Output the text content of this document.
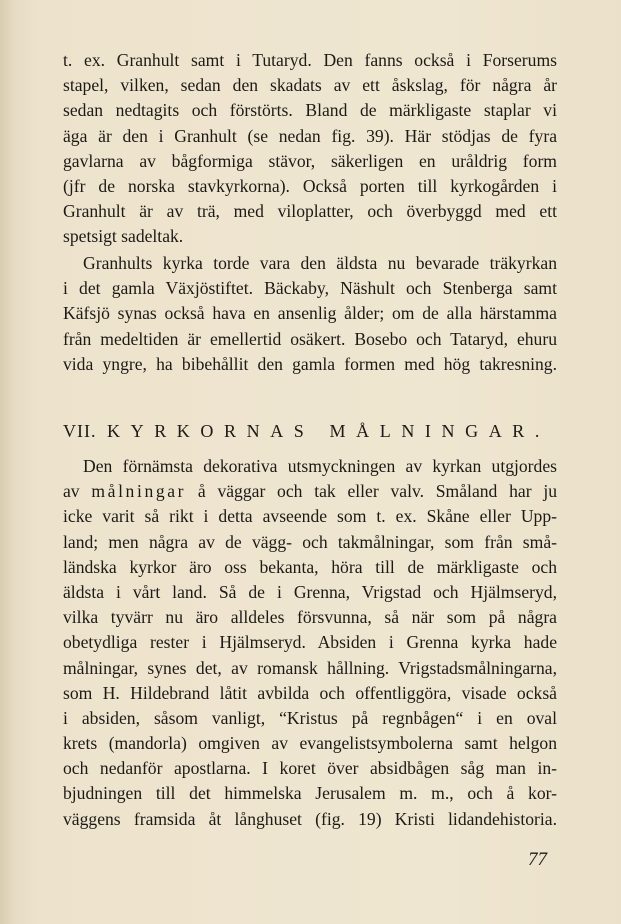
t. ex. Granhult samt i Tutaryd. Den fanns också i Forserums
stapel, vilken, sedan den skadats av ett åskslag, för några år
sedan nedtagits och förstörts. Bland de märkligaste staplar vi
äga är den i Granhult (se nedan fig. 39). Här stödjas de fyra
gavlarna av bågformiga stävor, säkerligen en uråldrig form
(jfr de norska stavkyrkorna). Också porten till kyrkogården i
Granhult är av trä, med viloplatter, och överbyggd med ett
spetsigt sadeltak.
Granhults kyrka torde vara den äldsta nu bevarade träkyrkan
i det gamla Växjöstiftet. Bäckaby, Näshult och Stenberga samt
Käfsjö synas också hava en ansenlig ålder; om de alla härstamma
från medeltiden är emellertid osäkert. Bosebo och Tataryd, ehuru
vida yngre, ha bibehållit den gamla formen med hög takresning.
VII. KYRKORNAS MÅLNINGAR.
Den förnämsta dekorativa utsmyckningen av kyrkan utgjordes
av målningar å väggar och tak eller valv. Småland har ju
icke varit så rikt i detta avseende som t. ex. Skåne eller Upp-
land; men några av de vägg- och takmålningar, som från små-
ländska kyrkor äro oss bekanta, höra till de märkligaste och
äldsta i vårt land. Så de i Grenna, Vrigstad och Hjälmseryd,
vilka tyvärr nu äro alldeles försvunna, så när som på några
obetydliga rester i Hjälmseryd. Absiden i Grenna kyrka hade
målningar, synes det, av romansk hållning. Vrigstadsmålningarna,
som H. Hildebrand låtit avbilda och offentliggöra, visade också
i absiden, såsom vanligt, “Kristus på regnbågen“ i en oval
krets (mandorla) omgiven av evangelistsymbolerna samt helgon
och nedanför apostlarna. I koret över absidbågen såg man in-
bjudningen till det himmelska Jerusalem m. m., och å kor-
väggens framsida åt långhuset (fig. 19) Kristi lidandehistoria.
77
